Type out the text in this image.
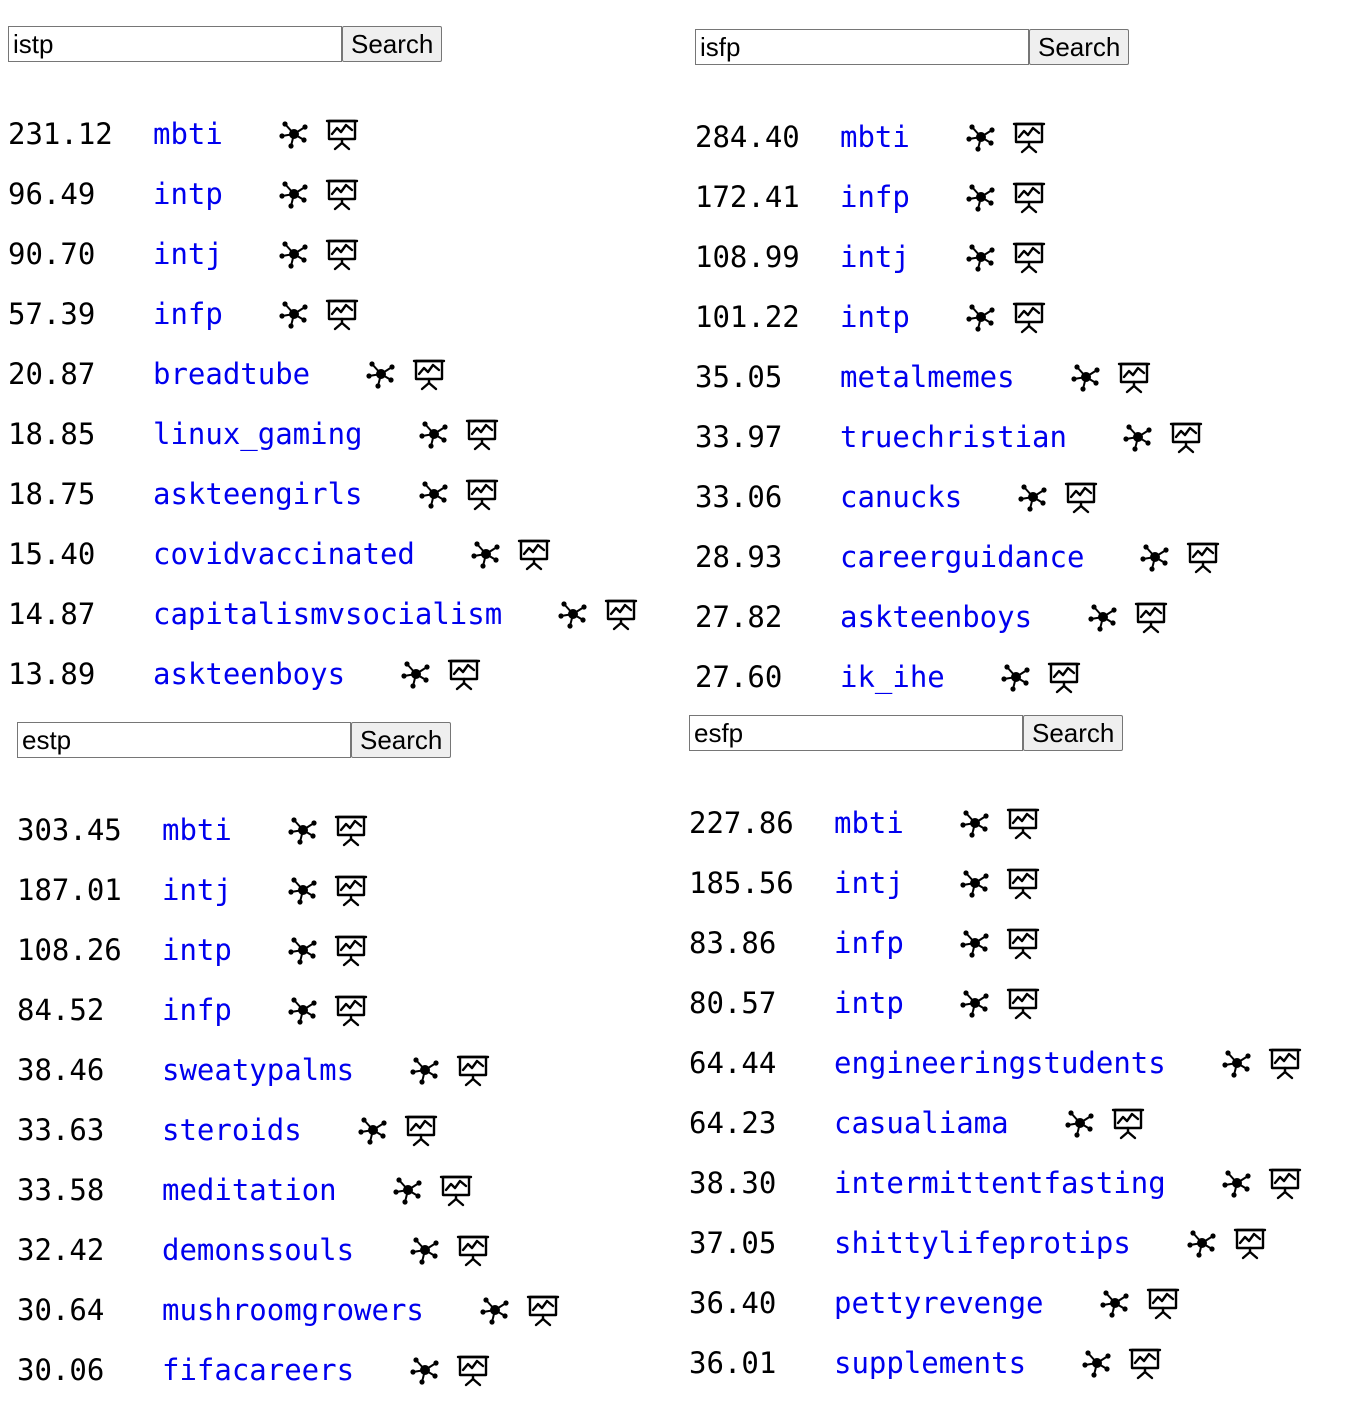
istp
Search
231.12	mbti
96.49	intp
90.70	intj
57.39	infp
20.87	breadtube
18.85	linux_gaming
18.75	askteengirls
15.40	covidvaccinated
14.87	capitalismvsocialism
13.89	askteenboys
isfp
Search
284.40	mbti
172.41	infp
108.99	intj
101.22	intp
35.05	metalmemes
33.97	truechristian
33.06	canucks
28.93	careerguidance
27.82	askteenboys
27.60	ik_ihe
estp
Search
303.45	mbti
187.01	intj
108.26	intp
84.52	infp
38.46	sweatypalms
33.63	steroids
33.58	meditation
32.42	demonssouls
30.64	mushroomgrowers
30.06	fifacareers
esfp
Search
227.86	mbti
185.56	intj
83.86	infp
80.57	intp
64.44	engineeringstudents
64.23	casualiama
38.30	intermittentfasting
37.05	shittylifeprotips
36.40	pettyrevenge
36.01	supplements
